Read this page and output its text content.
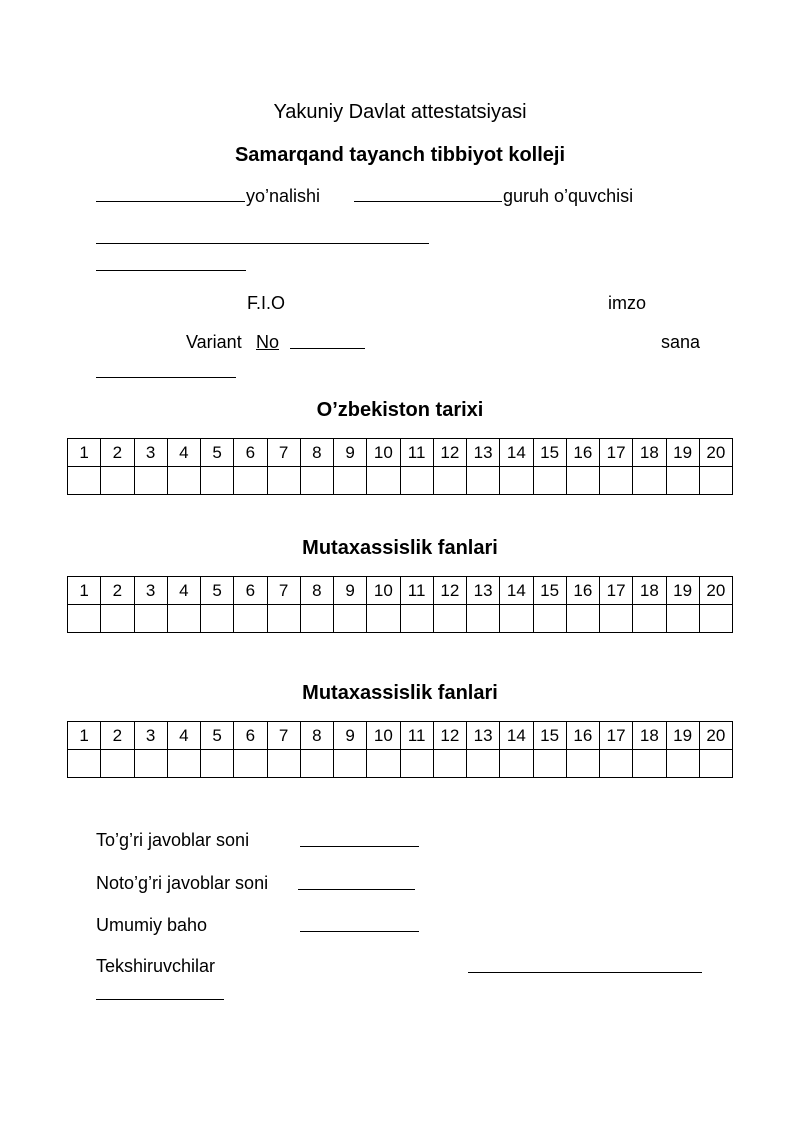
Yakuniy Davlat attestatsiyasi
Samarqand tayanch tibbiyot kolleji
yo’nalishi	guruh o’quvchisi
F.I.O	imzo
Variant No	sana
O’zbekiston tarixi
1	2	3	4	5	6	7	8	9	10	11	12	13	14	15	16	17	18	19	20

Mutaxassislik fanlari
1	2	3	4	5	6	7	8	9	10	11	12	13	14	15	16	17	18	19	20

Mutaxassislik fanlari
1	2	3	4	5	6	7	8	9	10	11	12	13	14	15	16	17	18	19	20

To’g’ri javoblar soni
Noto’g’ri javoblar soni
Umumiy baho
Tekshiruvchilar
